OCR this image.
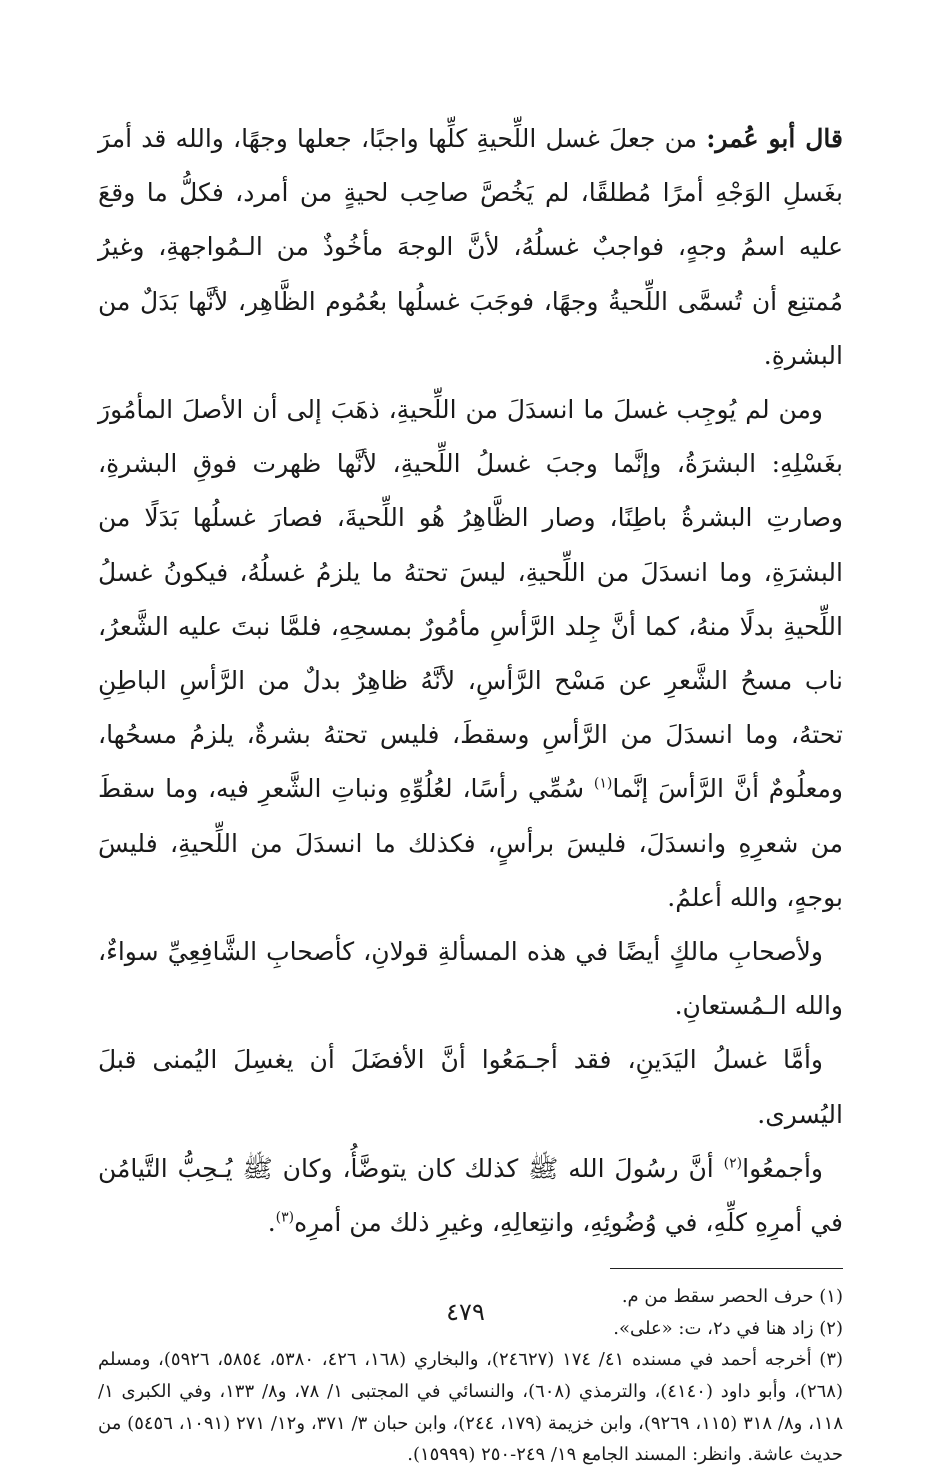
قال أبو عُمر: من جعلَ غسل اللِّحيةِ كلِّها واجبًا، جعلها وجهًا، والله قد أمرَ بغَسلِ الوَجْهِ أمرًا مُطلقًا، لم يَخُصَّ صاحِب لحيةٍ من أمرد، فكلُّ ما وقعَ عليه اسمُ وجهٍ، فواجبٌ غسلُهُ، لأنَّ الوجهَ مأخُوذٌ من الـمُواجهةِ، وغيرُ مُمتنِع أن تُسمَّى اللِّحيةُ وجهًا، فوجَبَ غسلُها بعُمُوم الظَّاهِر، لأنَّها بَدَلٌ من البشرةِ.

ومن لم يُوجِب غسلَ ما انسدَلَ من اللِّحيةِ، ذهَبَ إلى أن الأصلَ المأمُورَ بغَسْلِهِ: البشرَةُ، وإنَّما وجبَ غسلُ اللِّحيةِ، لأنَّها ظهرت فوقِ البشرةِ، وصارتِ البشرةُ باطِنًا، وصار الظَّاهِرُ هُو اللِّحيةَ، فصارَ غسلُها بَدَلًا من البشرَةِ، وما انسدَلَ من اللِّحيةِ، ليسَ تحتهُ ما يلزمُ غسلُهُ، فيكونُ غسلُ اللِّحيةِ بدلًا منهُ، كما أنَّ جِلد الرَّأسِ مأمُورٌ بمسحِهِ، فلمَّا نبتَ عليه الشَّعرُ، ناب مسحُ الشَّعرِ عن مَسْح الرَّأسِ، لأنَّهُ ظاهِرٌ بدلٌ من الرَّأسِ الباطِنِ تحتهُ، وما انسدَلَ من الرَّأسِ وسقطَ، فليس تحتهُ بشرةٌ، يلزمُ مسحُها، ومعلُومٌ أنَّ الرَّأسَ إنَّما$^{(١)}$ سُمِّي رأسًا، لعُلُوِّهِ ونباتِ الشَّعرِ فيه، وما سقطَ من شعرِهِ وانسدَلَ، فليسَ برأسٍ، فكذلك ما انسدَلَ من اللِّحيةِ، فليسَ بوجهٍ، والله أعلمُ.

ولأصحابِ مالكٍ أيضًا في هذه المسألةِ قولانِ، كأصحابِ الشَّافِعِيِّ سواءٌ، والله الـمُستعانِ.

وأمَّا غسلُ اليَدَينِ، فقد أجـمَعُوا أنَّ الأفضَلَ أن يغسِلَ اليُمنى قبلَ اليُسرى.

وأجمعُوا$^{(٢)}$ أنَّ رسُولَ الله ﷺ كذلك كان يتوضَّأُ، وكان ﷺ يُـحِبُّ التَّيامُن في أمرِهِ كلِّهِ، في وُضُوئِهِ، وانتِعالِهِ، وغيرِ ذلك من أمرِه$^{(٣)}$.

(١) حرف الحصر سقط من م.

(٢) زاد هنا في د٢، ت: «على».

(٣) أخرجه أحمد في مسنده ٤١/ ١٧٤ (٢٤٦٢٧)، والبخاري (١٦٨، ٤٢٦، ٥٣٨٠، ٥٨٥٤، ٥٩٢٦)، ومسلم (٢٦٨)، وأبو داود (٤١٤٠)، والترمذي (٦٠٨)، والنسائي في المجتبى ١/ ٧٨، و٨/ ١٣٣، وفي الكبرى ١/ ١١٨، و٨/ ٣١٨ (١١٥، ٩٢٦٩)، وابن خزيمة (١٧٩، ٢٤٤)، وابن حبان ٣/ ٣٧١، و١٢/ ٢٧١ (١٠٩١، ٥٤٥٦) من حديث عاشة. وانظر: المسند الجامع ١٩/ ٢٤٩-٢٥٠ (١٥٩٩٩).

٤٧٩
